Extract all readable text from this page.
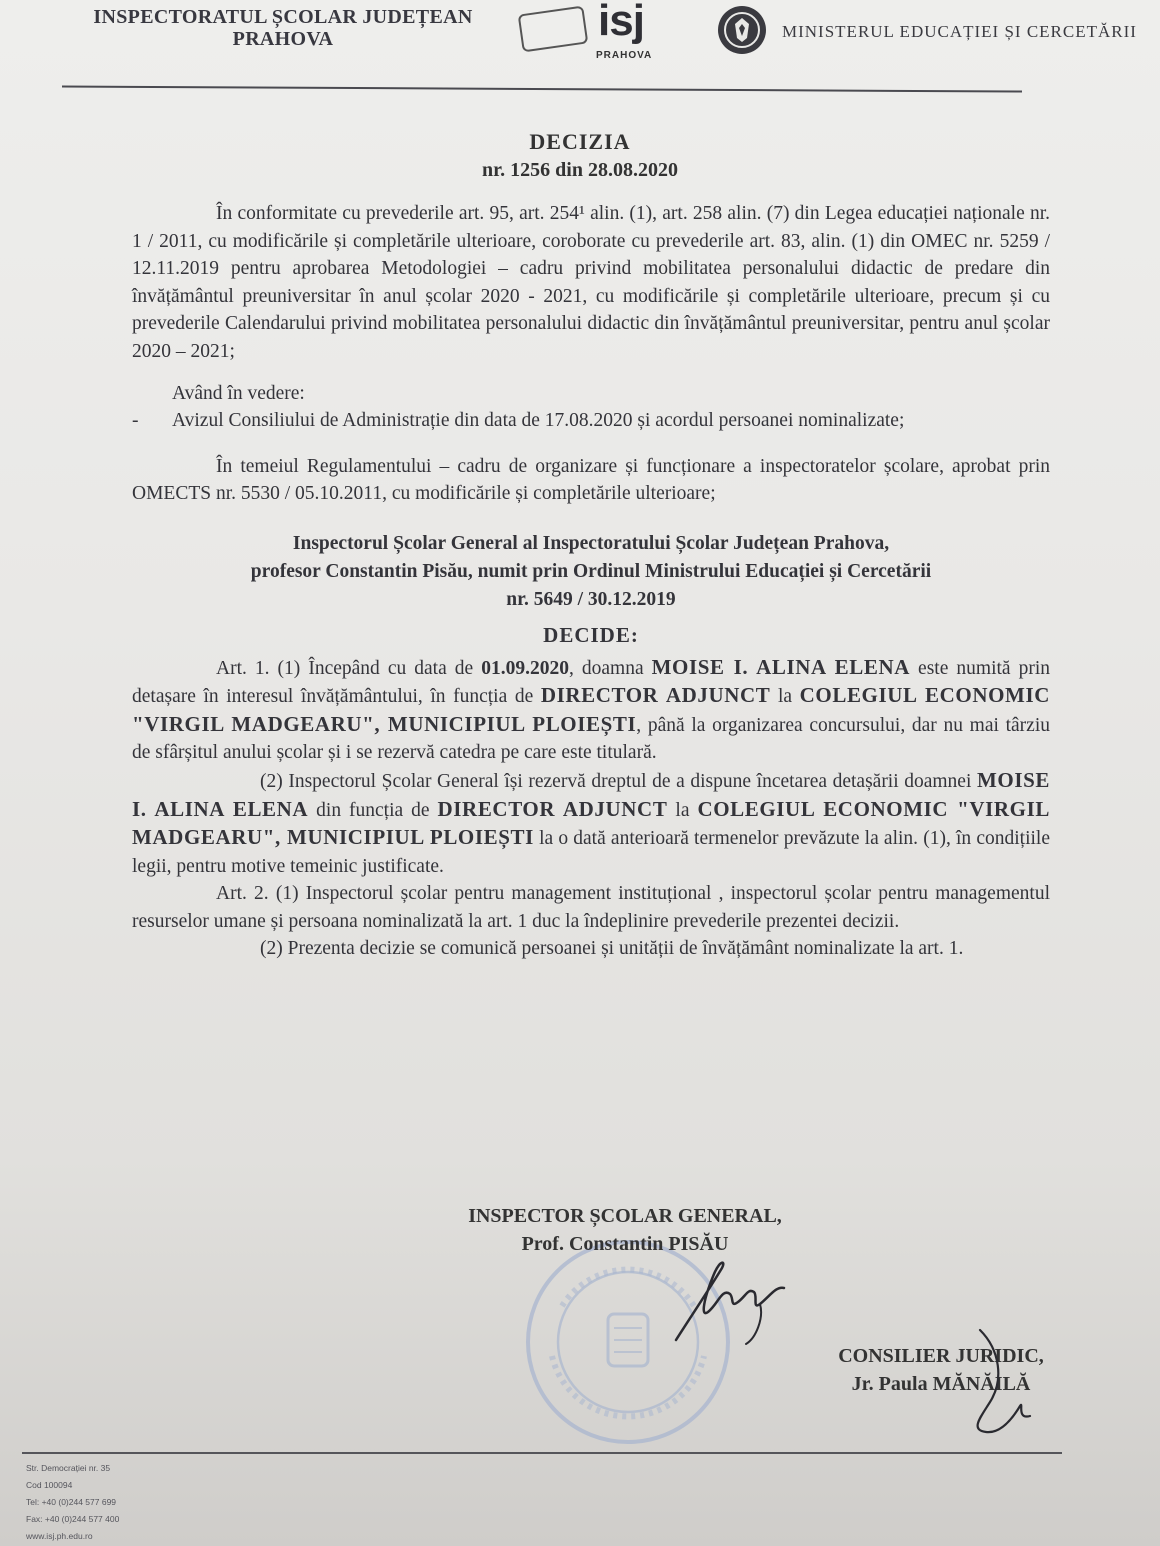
INSPECTORATUL ȘCOLAR JUDEȚEAN
PRAHOVA	isj
PRAHOVA
MINISTERUL EDUCAȚIEI ȘI CERCETĂRII
DECIZIA
nr. 1256 din 28.08.2020

În conformitate cu prevederile art. 95, art. 254¹ alin. (1), art. 258 alin. (7) din Legea educației naționale nr. 1 / 2011, cu modificările și completările ulterioare, coroborate cu prevederile art. 83, alin. (1) din OMEC nr. 5259 / 12.11.2019 pentru aprobarea Metodologiei – cadru privind mobilitatea personalului didactic de predare din învățământul preuniversitar în anul școlar 2020 - 2021, cu modificările și completările ulterioare, precum și cu prevederile Calendarului privind mobilitatea personalului didactic din învățământul preuniversitar, pentru anul școlar 2020 – 2021;

Având în vedere:

- Avizul Consiliului de Administrație din data de 17.08.2020 și acordul persoanei nominalizate;

În temeiul Regulamentului – cadru de organizare și funcționare a inspectoratelor școlare, aprobat prin OMECTS nr. 5530 / 05.10.2011, cu modificările și completările ulterioare;

Inspectorul Școlar General al Inspectoratului Școlar Județean Prahova,
profesor Constantin Pisău, numit prin Ordinul Ministrului Educației și Cercetării
nr. 5649 / 30.12.2019
DECIDE:

Art. 1. (1) Începând cu data de 01.09.2020, doamna MOISE I. ALINA ELENA este numită prin detașare în interesul învățământului, în funcția de DIRECTOR ADJUNCT la COLEGIUL ECONOMIC "VIRGIL MADGEARU", MUNICIPIUL PLOIEȘTI, până la organizarea concursului, dar nu mai târziu de sfârșitul anului școlar și i se rezervă catedra pe care este titulară.

(2) Inspectorul Școlar General își rezervă dreptul de a dispune încetarea detașării doamnei MOISE I. ALINA ELENA din funcția de DIRECTOR ADJUNCT la COLEGIUL ECONOMIC "VIRGIL MADGEARU", MUNICIPIUL PLOIEȘTI la o dată anterioară termenelor prevăzute la alin. (1), în condițiile legii, pentru motive temeinic justificate.

Art. 2. (1) Inspectorul școlar pentru management instituțional , inspectorul școlar pentru managementul resurselor umane și persoana nominalizată la art. 1 duc la îndeplinire prevederile prezentei decizii.

(2) Prezenta decizie se comunică persoanei și unității de învățământ nominalizate la art. 1.

INSPECTOR ȘCOLAR GENERAL,
Prof. Constantin PISĂU
CONSILIER JURIDIC,
Jr. Paula MĂNĂILĂ
Str. Democrației nr. 35
Cod 100094
Tel: +40 (0)244 577 699
Fax: +40 (0)244 577 400
www.isj.ph.edu.ro
